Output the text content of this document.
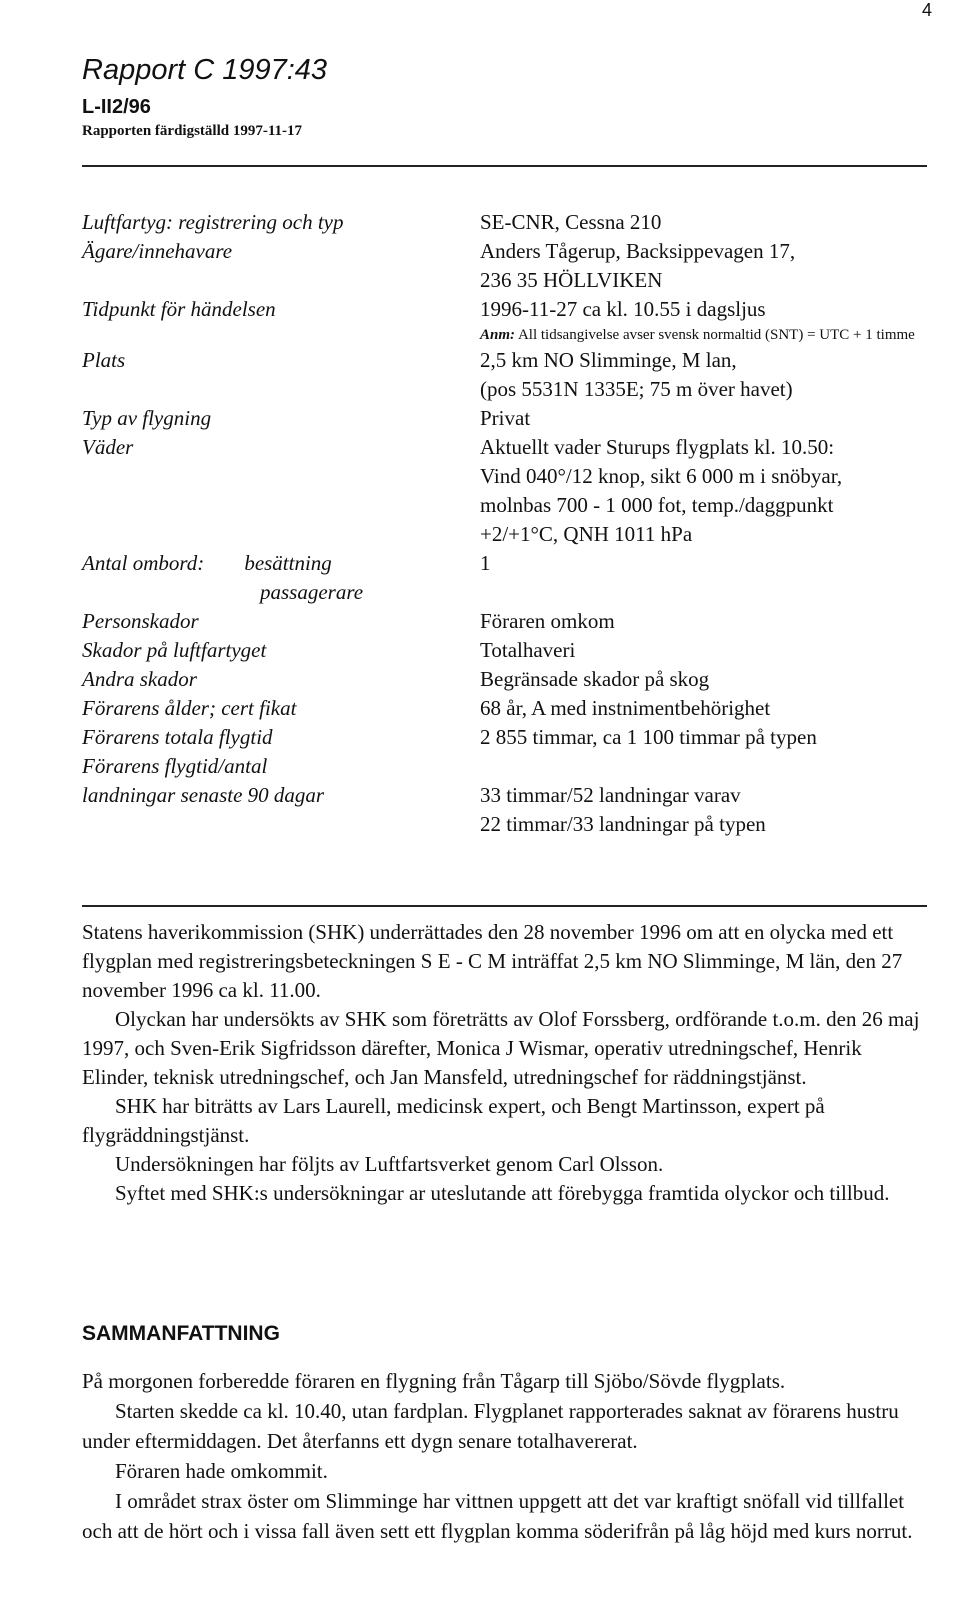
4
Rapport C 1997:43
L-II2/96
Rapporten färdigställd 1997-11-17
Luftfartyg: registrering och typ	SE-CNR, Cessna 210
Ägare/innehavare	Anders Tågerup, Backsippevagen 17,
236 35 HÖLLVIKEN
Tidpunkt för händelsen	1996-11-27 ca kl. 10.55 i dagsljus
Anm: All tidsangivelse avser svensk normaltid (SNT) = UTC + 1 timme
Plats	2,5 km NO Slimminge, M lan,
(pos 5531N 1335E; 75 m över havet)
Typ av flygning	Privat
Väder	Aktuellt vader Sturups flygplats kl. 10.50:
Vind 040°/12 knop, sikt 6 000 m i snöbyar,
molnbas 700 - 1 000 fot, temp./daggpunkt
+2/+1°C, QNH 1011 hPa
Antal ombord: besättning	1
passagerare
Personskador	Föraren omkom
Skador på luftfartyget	Totalhaveri
Andra skador	Begränsade skador på skog
Förarens ålder; cert fikat	68 år, A med instnimentbehörighet
Förarens totala flygtid	2 855 timmar, ca 1 100 timmar på typen
Förarens flygtid/antal
landningar senaste 90 dagar	33 timmar/52 landningar varav
22 timmar/33 landningar på typen

Statens haverikommission (SHK) underrättades den 28 november 1996 om att en olycka med ett flygplan med registreringsbeteckningen S E - C M inträffat 2,5 km NO Slimminge, M län, den 27 november 1996 ca kl. 11.00.

Olyckan har undersökts av SHK som företrätts av Olof Forssberg, ordförande t.o.m. den 26 maj 1997, och Sven-Erik Sigfridsson därefter, Monica J Wismar, operativ utredningschef, Henrik Elinder, teknisk utredningschef, och Jan Mansfeld, utredningschef for räddningstjänst.

SHK har biträtts av Lars Laurell, medicinsk expert, och Bengt Martinsson, expert på flygräddningstjänst.

Undersökningen har följts av Luftfartsverket genom Carl Olsson.

Syftet med SHK:s undersökningar ar uteslutande att förebygga framtida olyckor och tillbud.

SAMMANFATTNING

På morgonen forberedde föraren en flygning från Tågarp till Sjöbo/Sövde flygplats.

Starten skedde ca kl. 10.40, utan fardplan. Flygplanet rapporterades saknat av förarens hustru under eftermiddagen. Det återfanns ett dygn senare totalhavererat.

Föraren hade omkommit.

I området strax öster om Slimminge har vittnen uppgett att det var kraftigt snöfall vid tillfallet och att de hört och i vissa fall även sett ett flygplan komma söderifrån på låg höjd med kurs norrut.
